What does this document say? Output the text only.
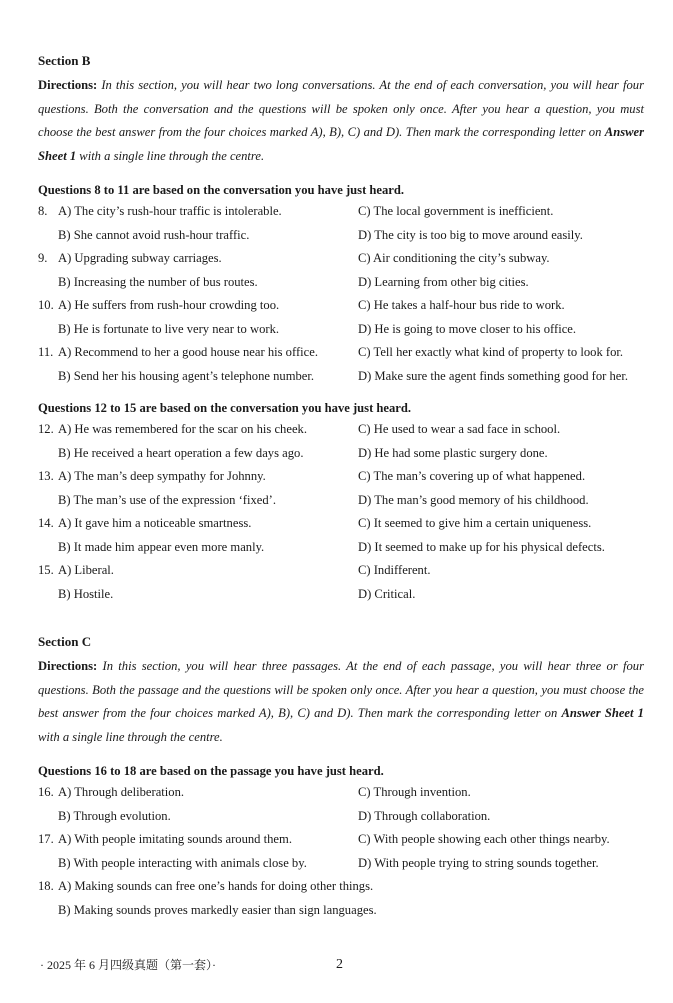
Section B
Directions: In this section, you will hear two long conversations. At the end of each conversation, you will hear four questions. Both the conversation and the questions will be spoken only once. After you hear a question, you must choose the best answer from the four choices marked A), B), C) and D). Then mark the corresponding letter on Answer Sheet 1 with a single line through the centre.
Questions 8 to 11 are based on the conversation you have just heard.
8. A) The city’s rush-hour traffic is intolerable.	C) The local government is inefficient.
B) She cannot avoid rush-hour traffic.	D) The city is too big to move around easily.
9. A) Upgrading subway carriages.	C) Air conditioning the city’s subway.
B) Increasing the number of bus routes.	D) Learning from other big cities.
10. A) He suffers from rush-hour crowding too.	C) He takes a half-hour bus ride to work.
B) He is fortunate to live very near to work.	D) He is going to move closer to his office.
11. A) Recommend to her a good house near his office.	C) Tell her exactly what kind of property to look for.
B) Send her his housing agent’s telephone number.	D) Make sure the agent finds something good for her.
Questions 12 to 15 are based on the conversation you have just heard.
12. A) He was remembered for the scar on his cheek.	C) He used to wear a sad face in school.
B) He received a heart operation a few days ago.	D) He had some plastic surgery done.
13. A) The man’s deep sympathy for Johnny.	C) The man’s covering up of what happened.
B) The man’s use of the expression ‘fixed’.	D) The man’s good memory of his childhood.
14. A) It gave him a noticeable smartness.	C) It seemed to give him a certain uniqueness.
B) It made him appear even more manly.	D) It seemed to make up for his physical defects.
15. A) Liberal.	C) Indifferent.
B) Hostile.	D) Critical.
Section C
Directions: In this section, you will hear three passages. At the end of each passage, you will hear three or four questions. Both the passage and the questions will be spoken only once. After you hear a question, you must choose the best answer from the four choices marked A), B), C) and D). Then mark the corresponding letter on Answer Sheet 1 with a single line through the centre.
Questions 16 to 18 are based on the passage you have just heard.
16. A) Through deliberation.	C) Through invention.
B) Through evolution.	D) Through collaboration.
17. A) With people imitating sounds around them.	C) With people showing each other things nearby.
B) With people interacting with animals close by.	D) With people trying to string sounds together.
18. A) Making sounds can free one’s hands for doing other things.
B) Making sounds proves markedly easier than sign languages.
· 2025 年 6 月四级真题（第一套）·	2
